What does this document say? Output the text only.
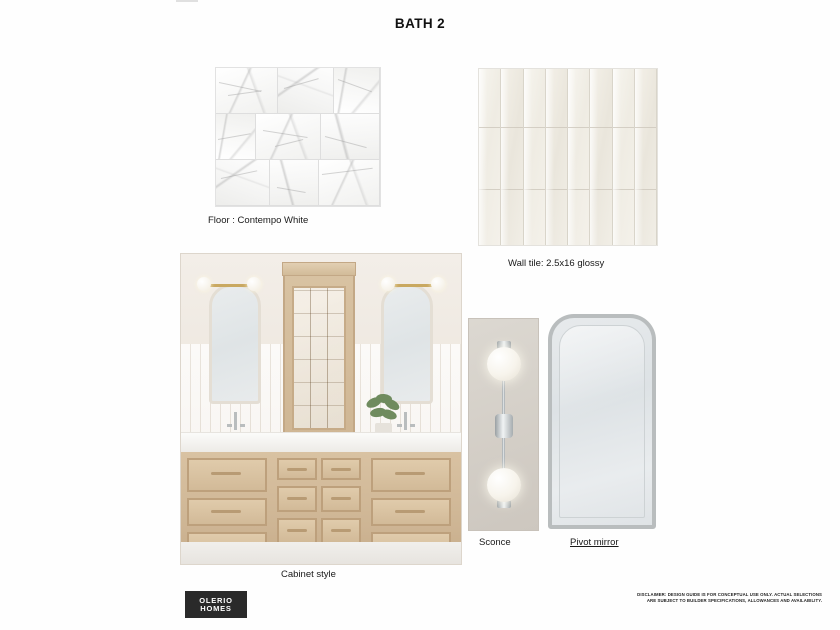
BATH 2
Floor : Contempo White
Wall tile: 2.5x16 glossy
Cabinet style
Sconce	Pivot mirror
OLERIO
HOMES
DISCLAIMER: DESIGN GUIDE IS FOR CONCEPTUAL USE ONLY. ACTUAL SELECTIONS ARE SUBJECT TO BUILDER SPECIFICATIONS, ALLOWANCES AND AVAILABILITY.
